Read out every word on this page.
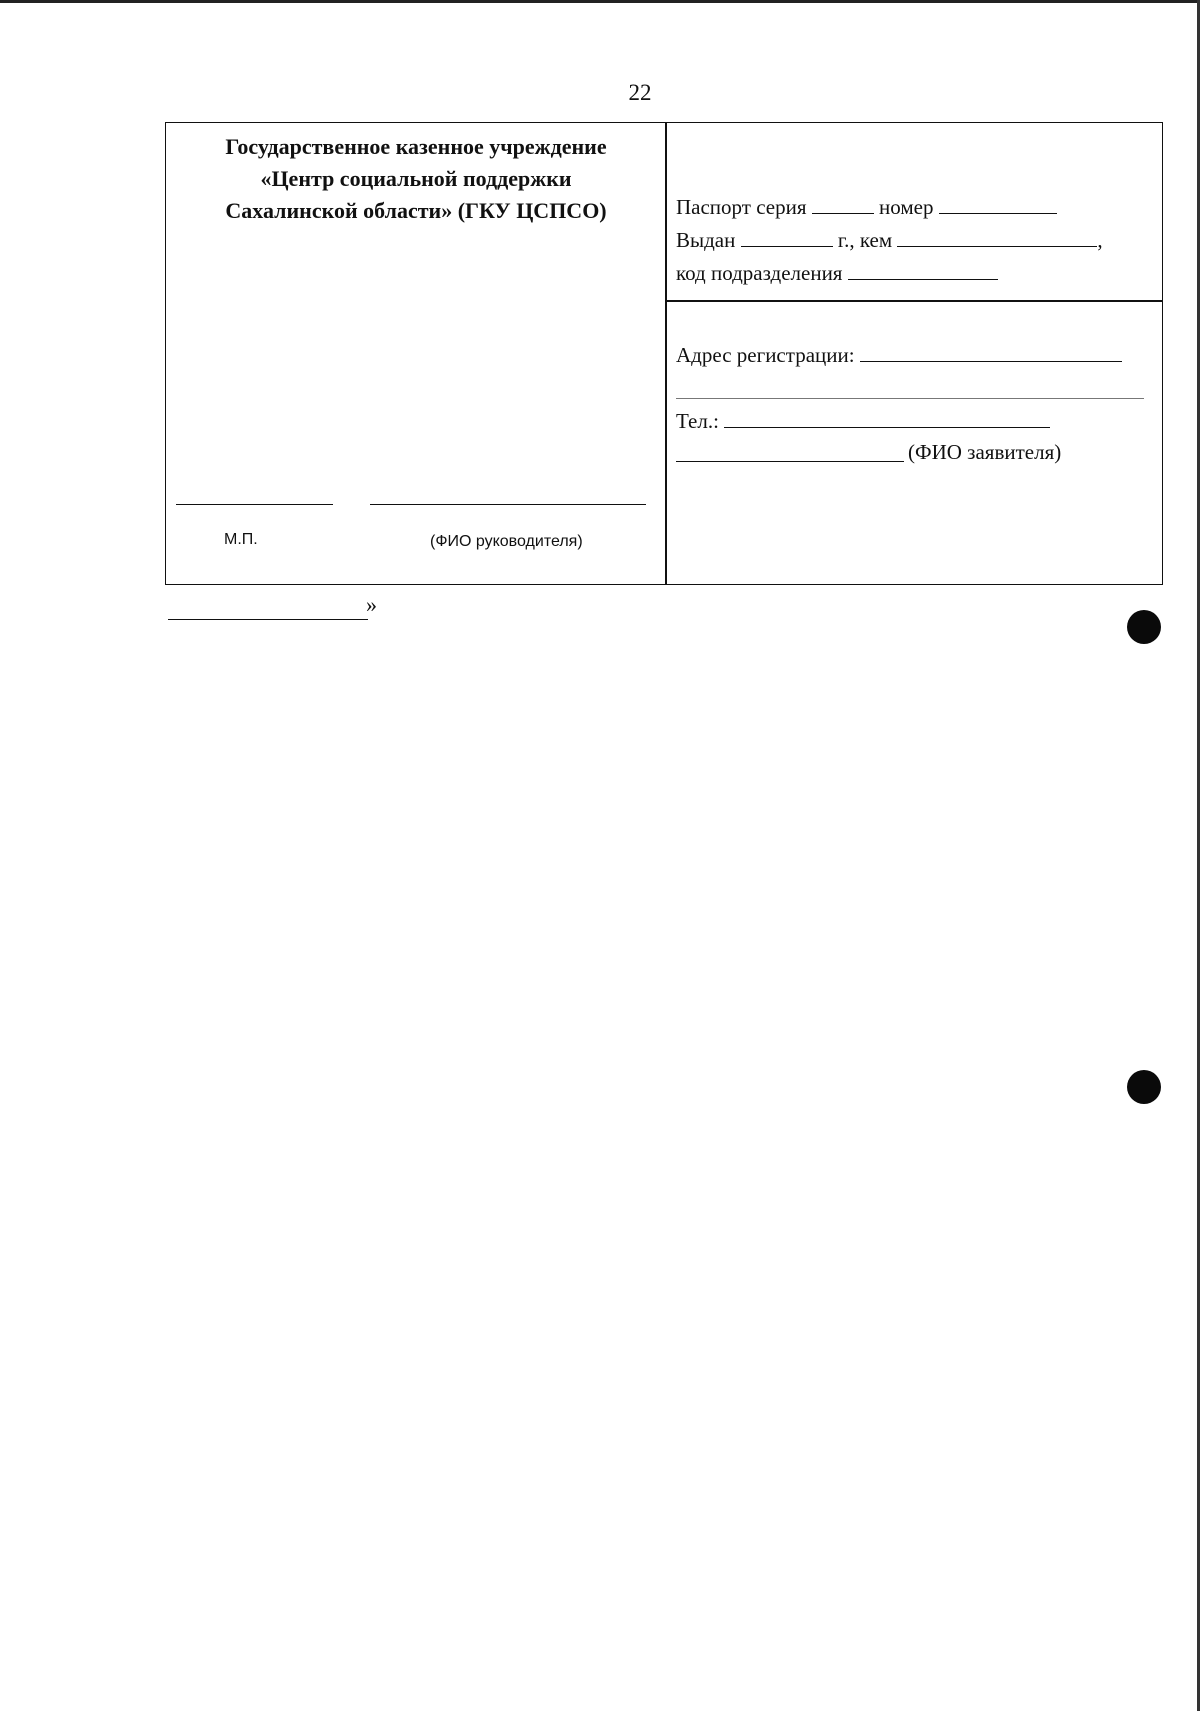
22
Государственное казенное учреждение
«Центр социальной поддержки
Сахалинской области» (ГКУ ЦСПСО)
М.П.	(ФИО руководителя)
Паспорт серия	номер
Выдан	г., кем	,
код подразделения
Адрес регистрации:
Тел.:
(ФИО заявителя)
»
